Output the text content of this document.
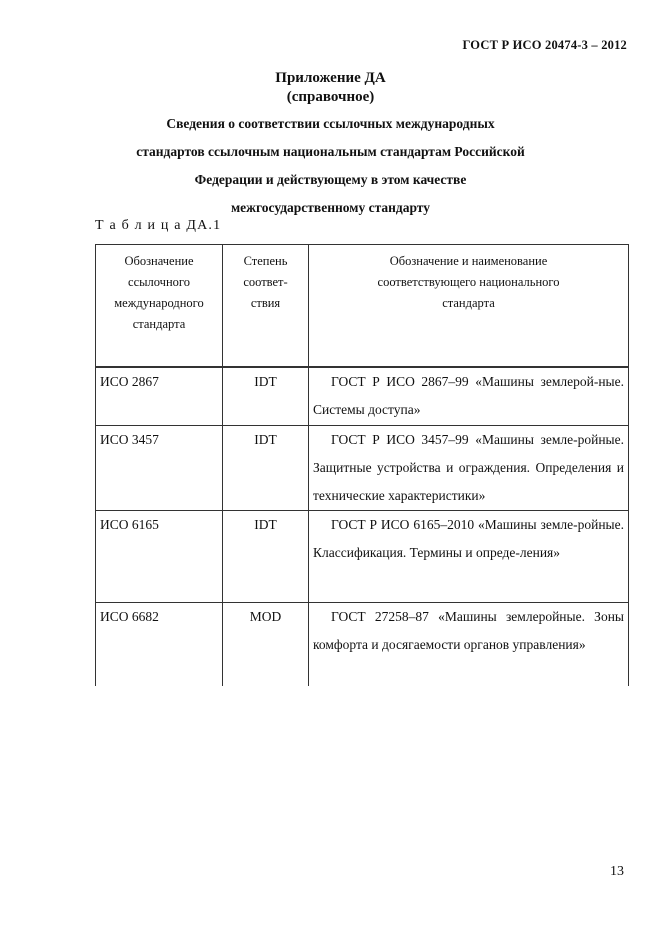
ГОСТ Р ИСО 20474-3 – 2012
Приложение ДА
(справочное)
Сведения о соответствии ссылочных международных
стандартов ссылочным национальным стандартам Российской
Федерации и действующему в этом качестве
межгосударственному стандарту
Т а б л и ц а ДА.1
Обозначение ссылочного международного стандарта	Степень соответ-ствия	Обозначение и наименование соответствующего национального стандарта

ИСО 2867	IDT	ГОСТ Р ИСО 2867–99 «Машины землерой-ные. Системы доступа»
ИСО 3457	IDT	ГОСТ Р ИСО 3457–99 «Машины земле-ройные. Защитные устройства и ограждения. Определения и технические характеристики»
ИСО 6165	IDT	ГОСТ Р ИСО 6165–2010 «Машины земле-ройные. Классификация. Термины и опреде-ления»
ИСО 6682	MOD	ГОСТ 27258–87 «Машины землеройные. Зоны комфорта и досягаемости органов управления»
13
